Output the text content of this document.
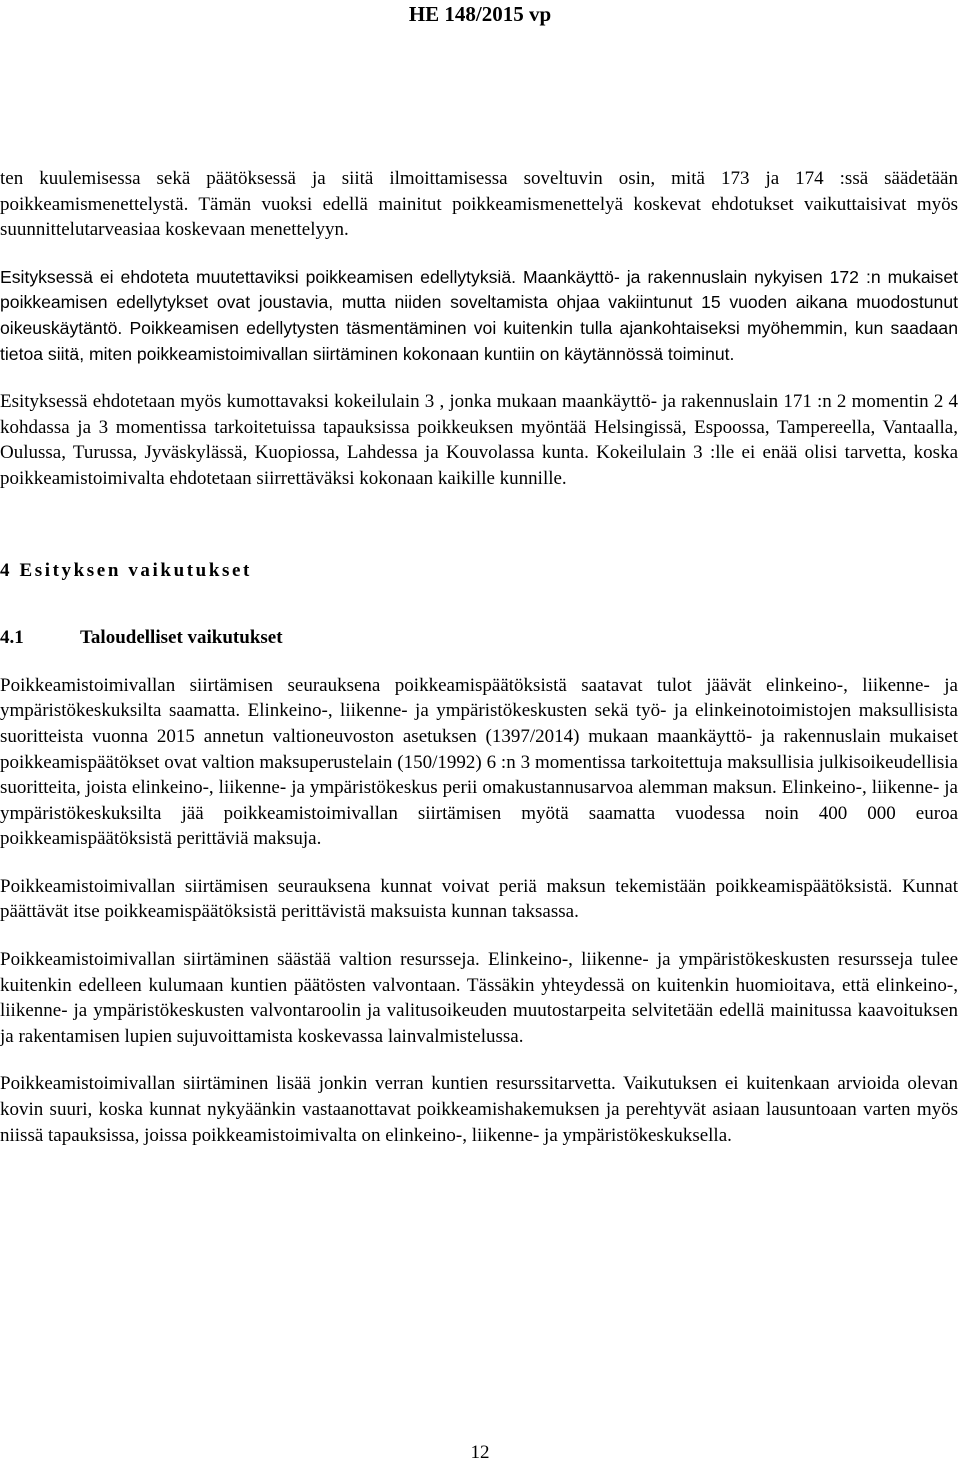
HE 148/2015 vp

ten kuulemisessa sekä päätöksessä ja siitä ilmoittamisessa soveltuvin osin, mitä 173 ja 174 :ssä säädetään poikkeamismenettelystä. Tämän vuoksi edellä mainitut poikkeamismenettelyä koskevat ehdotukset vaikuttaisivat myös suunnittelutarveasiaa koskevaan menettelyyn.

Esityksessä ei ehdoteta muutettaviksi poikkeamisen edellytyksiä. Maankäyttö- ja rakennuslain nykyisen 172 :n mukaiset poikkeamisen edellytykset ovat joustavia, mutta niiden soveltamista ohjaa vakiintunut 15 vuoden aikana muodostunut oikeuskäytäntö. Poikkeamisen edellytysten täsmentäminen voi kuitenkin tulla ajankohtaiseksi myöhemmin, kun saadaan tietoa siitä, miten poikkeamistoimivallan siirtäminen kokonaan kuntiin on käytännössä toiminut.

Esityksessä ehdotetaan myös kumottavaksi kokeilulain 3 , jonka mukaan maankäyttö- ja rakennuslain 171 :n 2 momentin 2 4 kohdassa ja 3 momentissa tarkoitetuissa tapauksissa poikkeuksen myöntää Helsingissä, Espoossa, Tampereella, Vantaalla, Oulussa, Turussa, Jyväskylässä, Kuopiossa, Lahdessa ja Kouvolassa kunta. Kokeilulain 3 :lle ei enää olisi tarvetta, koska poikkeamistoimivalta ehdotetaan siirrettäväksi kokonaan kaikille kunnille.

4 Esityksen vaikutukset
4.1	Taloudelliset vaikutukset

Poikkeamistoimivallan siirtämisen seurauksena poikkeamispäätöksistä saatavat tulot jäävät elinkeino-, liikenne- ja ympäristökeskuksilta saamatta. Elinkeino-, liikenne- ja ympäristökeskusten sekä työ- ja elinkeinotoimistojen maksullisista suoritteista vuonna 2015 annetun valtioneuvoston asetuksen (1397/2014) mukaan maankäyttö- ja rakennuslain mukaiset poikkeamispäätökset ovat valtion maksuperustelain (150/1992) 6 :n 3 momentissa tarkoitettuja maksullisia julkisoikeudellisia suoritteita, joista elinkeino-, liikenne- ja ympäristökeskus perii omakustannusarvoa alemman maksun. Elinkeino-, liikenne- ja ympäristökeskuksilta jää poikkeamistoimivallan siirtämisen myötä saamatta vuodessa noin 400 000 euroa poikkeamispäätöksistä perittäviä maksuja.

Poikkeamistoimivallan siirtämisen seurauksena kunnat voivat periä maksun tekemistään poikkeamispäätöksistä. Kunnat päättävät itse poikkeamispäätöksistä perittävistä maksuista kunnan taksassa.

Poikkeamistoimivallan siirtäminen säästää valtion resursseja. Elinkeino-, liikenne- ja ympäristökeskusten resursseja tulee kuitenkin edelleen kulumaan kuntien päätösten valvontaan. Tässäkin yhteydessä on kuitenkin huomioitava, että elinkeino-, liikenne- ja ympäristökeskusten valvontaroolin ja valitusoikeuden muutostarpeita selvitetään edellä mainitussa kaavoituksen ja rakentamisen lupien sujuvoittamista koskevassa lainvalmistelussa.

Poikkeamistoimivallan siirtäminen lisää jonkin verran kuntien resurssitarvetta. Vaikutuksen ei kuitenkaan arvioida olevan kovin suuri, koska kunnat nykyäänkin vastaanottavat poikkeamishakemuksen ja perehtyvät asiaan lausuntoaan varten myös niissä tapauksissa, joissa poikkeamistoimivalta on elinkeino-, liikenne- ja ympäristökeskuksella.

12
